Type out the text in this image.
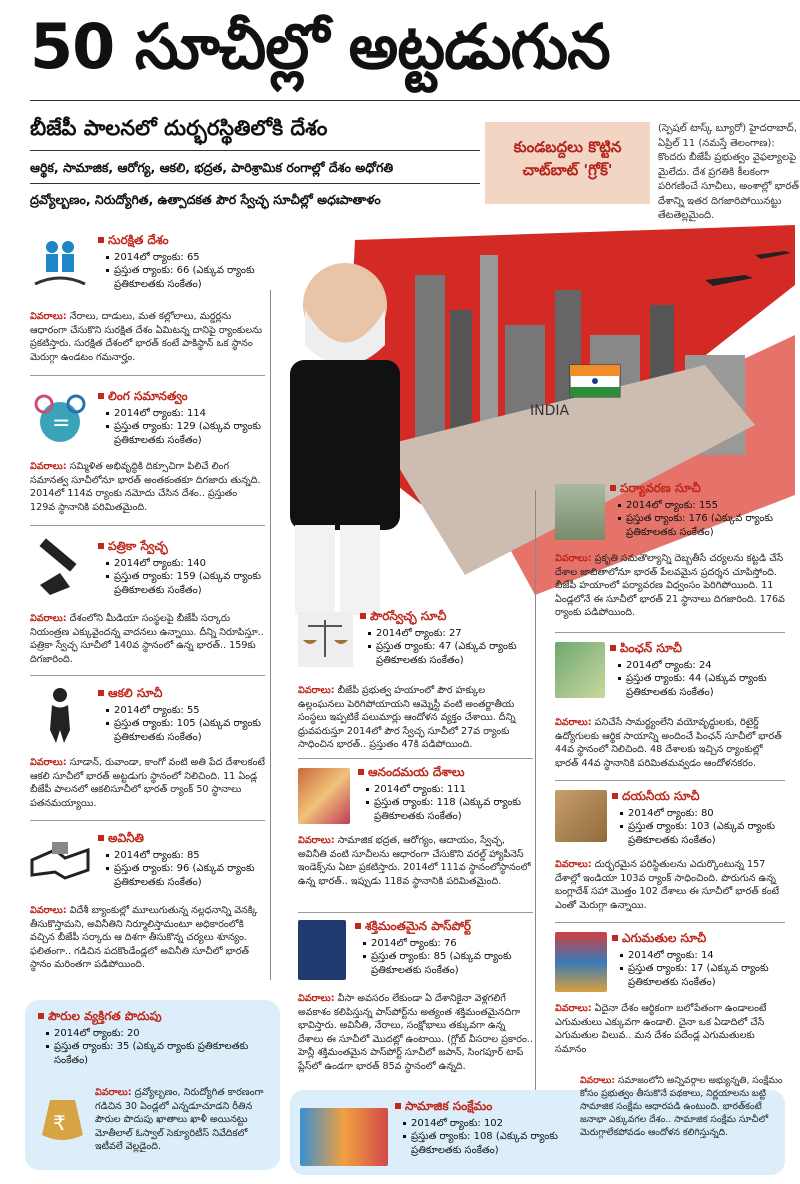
50 సూచీల్లో అట్టడుగున
బీజేపీ పాలనలో దుర్భరస్థితిలోకి దేశం
ఆర్థిక, సామాజిక, ఆరోగ్య, ఆకలి, భద్రత, పారిశ్రామిక రంగాల్లో దేశం అధోగతి
ద్రవ్యోల్బణం, నిరుద్యోగిత, ఉత్పాదకత పౌర స్వేచ్ఛ సూచీల్లో అధఃపాతాళం
కుండబద్దలు కొట్టిన చాట్‌బాట్ 'గ్రోక్'
(స్పెషల్ టాస్క్ బ్యూరో) హైదరాబాద్, ఏప్రిల్ 11 (నమస్తే తెలంగాణ): కొందరు బీజేపీ ప్రభుత్వం వైఫల్యాలపై మైలేదు. దేశ ప్రగతికి కీలకంగా పరిగణించే సూచీలు, అంశాల్లో భారత్ దేశాన్ని ఇతర దిగజారిపోయినట్టు తేటతెల్లమైంది.
INDIA
సురక్షిత దేశం
2014లో ర్యాంకు: 65
ప్రస్తుత ర్యాంకు: 66 (ఎక్కువ ర్యాంకు ప్రతికూలతకు సంకేతం)
వివరాలు: నేరాలు, దాడులు, మత కల్లోలాలు, మర్డర్లను ఆధారంగా చేసుకొని సురక్షిత దేశం ఏమిటన్న దానిపై ర్యాంకులను ప్రకటిస్తారు. సురక్షిత దేశంలో భారత్ కంటే పాకిస్థాన్ ఒక స్థానం మెరుగ్గా ఉండటం గమనార్హం.
=
లింగ సమానత్వం
2014లో ర్యాంకు: 114
ప్రస్తుత ర్యాంకు: 129 (ఎక్కువ ర్యాంకు ప్రతికూలతకు సంకేతం)
వివరాలు: సమ్మిళిత అభివృద్ధికి దిక్సూచిగా పిలిచే లింగ సమానత్వ సూచీలోనూ భారత్ అంతకంతకూ దిగజారు తున్నది. 2014లో 114వ ర్యాంకు నమోదు చేసిన దేశం.. ప్రస్తుతం 129వ స్థానానికి పరిమితమైంది.
పత్రికా స్వేచ్ఛ
2014లో ర్యాంకు: 140
ప్రస్తుత ర్యాంకు: 159 (ఎక్కువ ర్యాంకు ప్రతికూలతకు సంకేతం)
వివరాలు: దేశంలోని మీడియా సంస్థలపై బీజేపీ సర్కారు నియంత్రణ ఎక్కువైందన్న వాదనలు ఉన్నాయి. దీన్ని నిరూపిస్తూ.. పత్రికా స్వేచ్ఛ సూచీలో 140వ స్థానంలో ఉన్న భారత్.. 159కు దిగజారింది.
ఆకలి సూచీ
2014లో ర్యాంకు: 55
ప్రస్తుత ర్యాంకు: 105 (ఎక్కువ ర్యాంకు ప్రతికూలతకు సంకేతం)
వివరాలు: సూడాన్, రువాండా, కాంగో వంటి అతి పేద దేశాలకంటే ఆకలి సూచీలో భారత్ అట్టడుగు స్థానంలో నిలిచింది. 11 ఏండ్ల బీజేపీ పాలనలో ఆకలిసూచీలో భారత్ ర్యాంక్ 50 స్థానాలు పతనమయ్యాయి.
అవినీతి
2014లో ర్యాంకు: 85
ప్రస్తుత ర్యాంకు: 96 (ఎక్కువ ర్యాంకు ప్రతికూలతకు సంకేతం)
వివరాలు: విదేశీ బ్యాంకుల్లో మూలుగుతున్న నల్లధనాన్ని వెనక్కి తీసుకొస్తామని, అవినీతిని నిర్మూలిస్తామంటూ అధికారంలోకి వచ్చిన బీజేపీ సర్కారు ఆ దిశగా తీసుకొన్న చర్యలు శూన్యం. ఫలితంగా.. గడిచిన పదకొండేండ్లలో అవినీతి సూచీలో భారత్ స్థానం మరింతగా పడిపోయింది.
పౌరుల వ్యక్తిగత పొదుపు
2014లో ర్యాంకు: 20
ప్రస్తుత ర్యాంకు: 35 (ఎక్కువ ర్యాంకు ప్రతికూలతకు సంకేతం)
₹
వివరాలు: ద్రవ్యోల్బణం, నిరుద్యోగిత కారణంగా గడిచిన 30 ఏండ్లలో ఎన్నడూచూడని రీతిన పౌరుల పొదుపు ఖాతాలు ఖాళీ అయినట్టు మోతీలాల్ ఓస్వాల్ సెక్యూరిటీస్ నివేదికలో ఇటీవలే వెల్లడైంది.
పౌరస్వేచ్ఛ సూచీ
2014లో ర్యాంకు: 27
ప్రస్తుత ర్యాంకు: 47 (ఎక్కువ ర్యాంకు ప్రతికూలతకు సంకేతం)
వివరాలు: బీజేపీ ప్రభుత్వ హయాంలో పౌర హక్కుల ఉల్లంఘనలు పెరిగిపోయాయని ఆమ్నెస్టీ వంటి అంతర్జాతీయ సంస్థలు ఇప్పటికే పలుమార్లు ఆందోళన వ్యక్తం చేశాయి. దీన్ని ధ్రువపరుస్తూ 2014లో పౌర స్వేచ్ఛ సూచీలో 27వ ర్యాంకు సాధించిన భారత్.. ప్రస్తుతం 47కి పడిపోయింది.
ఆనందమయ దేశాలు
2014లో ర్యాంకు: 111
ప్రస్తుత ర్యాంకు: 118 (ఎక్కువ ర్యాంకు ప్రతికూలతకు సంకేతం)
వివరాలు: సామాజిక భద్రత, ఆరోగ్యం, ఆదాయం, స్వేచ్ఛ, అవినీతి వంటి సూచీలను ఆధారంగా చేసుకొని వరల్డ్ హ్యాపీనెస్ ఇండెక్స్‌ను ఏటా ప్రకటిస్తారు. 2014లో 111వ స్థానంలోస్థానంలో ఉన్న భారత్.. ఇప్పుడు 118వ స్థానానికి పరిమితమైంది.
శక్తిమంతమైన పాస్‌పోర్ట్
2014లో ర్యాంకు: 76
ప్రస్తుత ర్యాంకు: 85 (ఎక్కువ ర్యాంకు ప్రతికూలతకు సంకేతం)
వివరాలు: వీసా అవసరం లేకుండా ఏ దేశానికైనా వెళ్లగలిగే అవకాశం కలిపిస్తున్న పాస్‌పోర్ట్‌ను అత్యంత శక్తిమంతమైనదిగా భావిస్తారు. అవినీతి, నేరాలు, సంక్షోభాలు తక్కువగా ఉన్న దేశాలు ఈ సూచీలో మొదట్లో ఉంటాయి. (గ్లోబ్ వీసరాల ప్రకారం.. హెన్లీ శక్తిమంతమైన పాస్‌పోర్ట్ సూచీలో జపాన్, సింగపూర్ టాప్ ప్లేస్‌లో ఉండగా భారత్ 85వ స్థానంలో ఉన్నది.
సామాజిక సంక్షేమం
2014లో ర్యాంకు: 102
ప్రస్తుత ర్యాంకు: 108 (ఎక్కువ ర్యాంకు ప్రతికూలతకు సంకేతం)
వివరాలు: సమాజంలోని అన్నివర్గాల అభ్యున్నతి, సంక్షేమం కోసం ప్రభుత్వం తీసుకొనే పథకాలు, నిర్ణయాలను బట్టి సామాజిక సంక్షేమ ఆధారపడి ఉంటుంది. భారత్‌కంటే జనాభా ఎక్కువగల దేశం.. సామాజిక సంక్షేమ సూచీలో మెరుగ్గాలేకపోవడం ఆందోళన కలిగిస్తున్నది.
పర్యావరణ సూచీ
2014లో ర్యాంకు: 155
ప్రస్తుత ర్యాంకు: 176 (ఎక్కువ ర్యాంకు ప్రతికూలతకు సంకేతం)
వివరాలు: ప్రకృతి సమతౌల్యాన్ని దెబ్బతీసే చర్యలను కట్టడి చేసే దేశాల జాబితాలోనూ భారత్ పేలవమైన ప్రదర్శన చూపిస్తోంది. బీజేపీ హయాంలో పర్యావరణ విధ్వంసం పెరిగిపోయింది. 11 ఏండ్లలోనే ఈ సూచీలో భారత్ 21 స్థానాలు దిగజారింది. 176వ ర్యాంకు పడిపోయింది.
పింఛన్ సూచీ
2014లో ర్యాంకు: 24
ప్రస్తుత ర్యాంకు: 44 (ఎక్కువ ర్యాంకు ప్రతికూలతకు సంకేతం)
వివరాలు: పనిచేసే సామర్థ్యంలేని వయోవృద్ధులకు, రిటైర్డ్ ఉద్యోగులకు ఆర్థిక సాయాన్ని అందించే పింఛన్ సూచీలో భారత్ 44వ స్థానంలో నిలిచింది. 48 దేశాలకు ఇచ్చిన ర్యాంకుల్లో భారత్ 44వ స్థానానికి పరిమితమవ్వడం ఆందోళనకరం.
దయనీయ సూచీ
2014లో ర్యాంకు: 80
ప్రస్తుత ర్యాంకు: 103 (ఎక్కువ ర్యాంకు ప్రతికూలతకు సంకేతం)
వివరాలు: దుర్భరమైన పరిస్థితులను ఎదుర్కొంటున్న 157 దేశాల్లో ఇండియా 103వ ర్యాంక్ సాధించింది. పొరుగున ఉన్న బంగ్లాదేశ్ సహా మొత్తం 102 దేశాలు ఈ సూచీలో భారత్ కంటే ఎంతో మెరుగ్గా ఉన్నాయి.
ఎగుమతుల సూచీ
2014లో ర్యాంకు: 14
ప్రస్తుత ర్యాంకు: 17 (ఎక్కువ ర్యాంకు ప్రతికూలతకు సంకేతం)
వివరాలు: ఏదైనా దేశం ఆర్థికంగా బలోపేతంగా ఉండాలంటే ఎగుమతులు ఎక్కువగా ఉండాలి. చైనా ఒక ఏడాదిలో చేసే ఎగుమతుల విలువ.. మన దేశం పదేండ్ల ఎగుమతులకు సమానం
